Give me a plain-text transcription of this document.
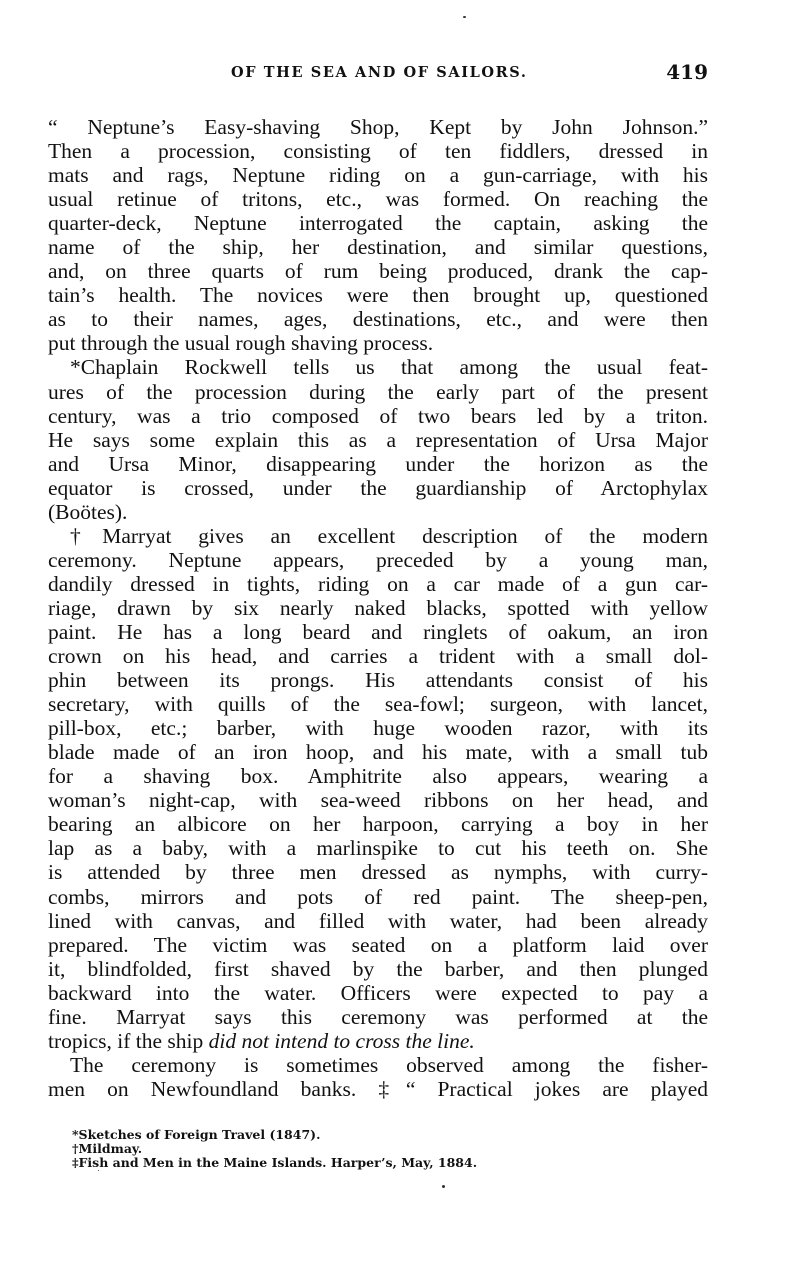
OF THE SEA AND OF SAILORS.	419
“ Neptune’s Easy-shaving Shop, Kept by John Johnson.”
Then a procession, consisting of ten fiddlers, dressed in
mats and rags, Neptune riding on a gun-carriage, with his
usual retinue of tritons, etc., was formed. On reaching the
quarter-deck, Neptune interrogated the captain, asking the
name of the ship, her destination, and similar questions,
and, on three quarts of rum being produced, drank the cap-
tain’s health. The novices were then brought up, questioned
as to their names, ages, destinations, etc., and were then
put through the usual rough shaving process.
*Chaplain Rockwell tells us that among the usual feat-
ures of the procession during the early part of the present
century, was a trio composed of two bears led by a triton.
He says some explain this as a representation of Ursa Major
and Ursa Minor, disappearing under the horizon as the
equator is crossed, under the guardianship of Arctophylax
(Boötes).
†Marryat gives an excellent description of the modern
ceremony. Neptune appears, preceded by a young man,
dandily dressed in tights, riding on a car made of a gun car-
riage, drawn by six nearly naked blacks, spotted with yellow
paint. He has a long beard and ringlets of oakum, an iron
crown on his head, and carries a trident with a small dol-
phin between its prongs. His attendants consist of his
secretary, with quills of the sea-fowl; surgeon, with lancet,
pill-box, etc.; barber, with huge wooden razor, with its
blade made of an iron hoop, and his mate, with a small tub
for a shaving box. Amphitrite also appears, wearing a
woman’s night-cap, with sea-weed ribbons on her head, and
bearing an albicore on her harpoon, carrying a boy in her
lap as a baby, with a marlinspike to cut his teeth on. She
is attended by three men dressed as nymphs, with curry-
combs, mirrors and pots of red paint. The sheep-pen,
lined with canvas, and filled with water, had been already
prepared. The victim was seated on a platform laid over
it, blindfolded, first shaved by the barber, and then plunged
backward into the water. Officers were expected to pay a
fine. Marryat says this ceremony was performed at the
tropics, if the ship did not intend to cross the line.
The ceremony is sometimes observed among the fisher-
men on Newfoundland banks. ‡“ Practical jokes are played
*Sketches of Foreign Travel (1847).
†Mildmay.
‡Fish and Men in the Maine Islands. Harper’s, May, 1884.
